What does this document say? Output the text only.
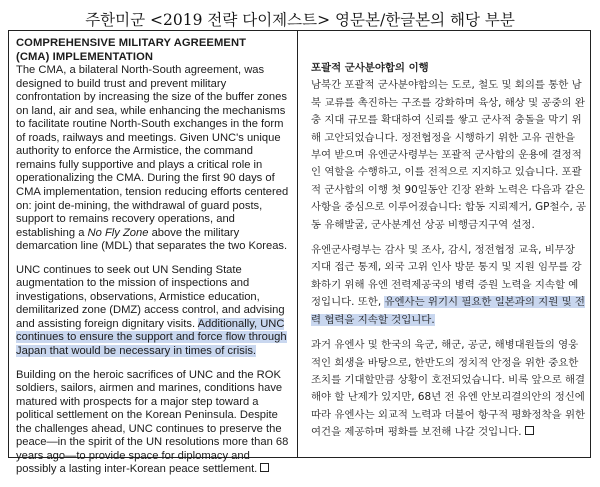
주한미군 <2019 전략 다이제스트> 영문본/한글본의 해당 부분
COMPREHENSIVE MILITARY AGREEMENT
(CMA) IMPLEMENTATION

The CMA, a bilateral North-South agreement, was designed to build trust and prevent military confrontation by increasing the size of the buffer zones on land, air and sea, while enhancing the mechanisms to facilitate routine North-South exchanges in the form of roads, railways and meetings. Given UNC's unique authority to enforce the Armistice, the command remains fully supportive and plays a critical role in operationalizing the CMA. During the first 90 days of CMA implementation, tension reducing efforts centered on: joint de-mining, the withdrawal of guard posts, support to remains recovery operations, and establishing a No Fly Zone above the military demarcation line (MDL) that separates the two Koreas.

UNC continues to seek out UN Sending State augmentation to the mission of inspections and investigations, observations, Armistice education, demilitarized zone (DMZ) access control, and advising and assisting foreign dignitary visits. Additionally, UNC continues to ensure the support and force flow through Japan that would be necessary in times of crisis.

Building on the heroic sacrifices of UNC and the ROK soldiers, sailors, airmen and marines, conditions have matured with prospects for a major step toward a political settlement on the Korean Peninsula. Despite the challenges ahead, UNC continues to preserve the peace—in the spirit of the UN resolutions more than 68 years ago—to provide space for diplomacy and possibly a lasting inter-Korean peace settlement.

포괄적 군사분야합의 이행

남북간 포괄적 군사분야합의는 도로, 철도 및 회의를 통한 남북 교류를 촉진하는 구조를 강화하며 육상, 해상 및 공중의 완충 지대 규모를 확대하여 신뢰를 쌓고 군사적 충돌을 막기 위해 고안되었습니다. 정전협정을 시행하기 위한 고유 권한을 부여 받으며 유엔군사령부는 포괄적 군사합의 운용에 결정적인 역할을 수행하고, 이를 전적으로 지지하고 있습니다. 포괄적 군사합의 이행 첫 90일동안 긴장 완화 노력은 다음과 같은 사항을 중심으로 이루어졌습니다: 합동 지뢰제거, GP철수, 공동 유해발굴, 군사분계선 상공 비행금지구역 설정.

유엔군사령부는 감사 및 조사, 감시, 정전협정 교육, 비무장 지대 접근 통제, 외국 고위 인사 방문 통지 및 지원 임무를 강화하기 위해 유엔 전력제공국의 병력 증원 노력을 지속할 예정입니다. 또한, 유엔사는 위기시 필요한 일본과의 지원 및 전력 협력을 지속할 것입니다.

과거 유엔사 및 한국의 육군, 해군, 공군, 해병대원들의 영웅적인 희생을 바탕으로, 한반도의 정치적 안정을 위한 중요한 조치를 기대할만큼 상황이 호전되었습니다. 비록 앞으로 해결해야 할 난제가 있지만, 68년 전 유엔 안보리결의안의 정신에 따라 유엔사는 외교적 노력과 더불어 항구적 평화정착을 위한 여건을 제공하며 평화를 보전해 나갈 것입니다.
